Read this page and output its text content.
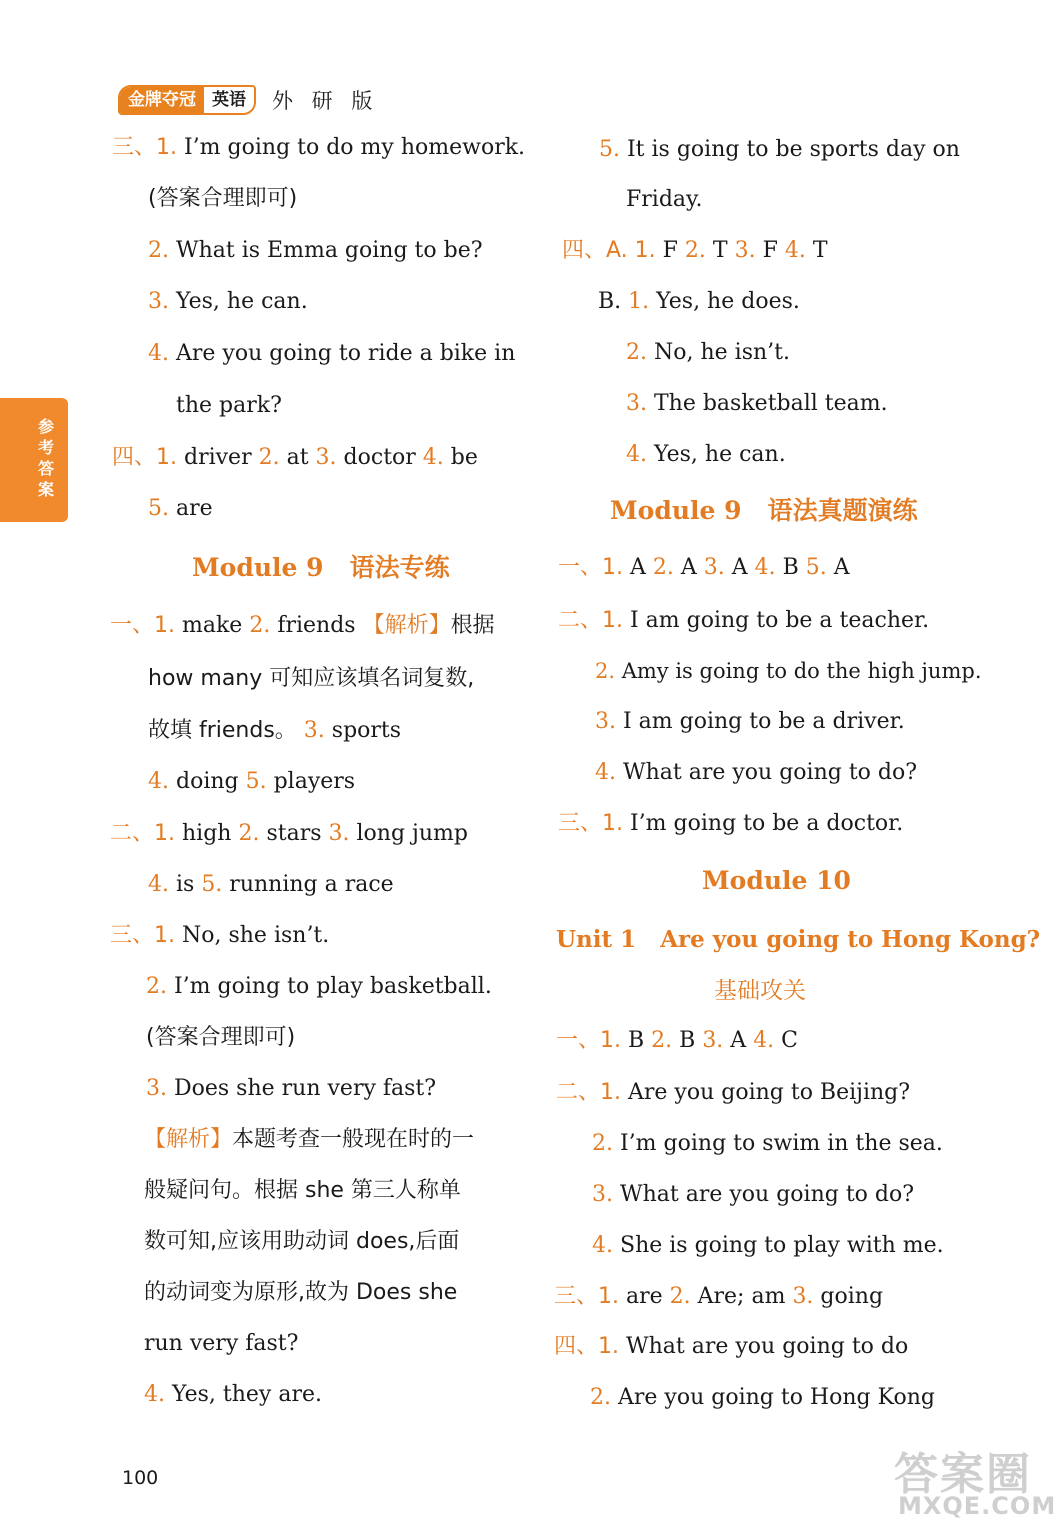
金牌夺冠 英语	外 研 版
参考答案
三、1. I’m going to do my homework.
(答案合理即可)
2. What is Emma going to be?
3. Yes, he can.
4. Are you going to ride a bike in
the park?
四、1. driver 2. at 3. doctor 4. be
5. are
Module 9 语法专练
一、1. make 2. friends 【解析】根据
how many 可知应该填名词复数,
故填 friends。 3. sports
4. doing 5. players
二、1. high 2. stars 3. long jump
4. is 5. running a race
三、1. No, she isn’t.
2. I’m going to play basketball.
(答案合理即可)
3. Does she run very fast?
【解析】本题考查一般现在时的一
般疑问句。根据 she 第三人称单
数可知,应该用助动词 does,后面
的动词变为原形,故为 Does she
run very fast?
4. Yes, they are.
5. It is going to be sports day on
Friday.
四、A. 1. F 2. T 3. F 4. T
B. 1. Yes, he does.
2. No, he isn’t.
3. The basketball team.
4. Yes, he can.
Module 9 语法真题演练
一、1. A 2. A 3. A 4. B 5. A
二、1. I am going to be a teacher.
2. Amy is going to do the high jump.
3. I am going to be a driver.
4. What are you going to do?
三、1. I’m going to be a doctor.
Module 10
Unit 1 Are you going to Hong Kong?
基础攻关
一、1. B 2. B 3. A 4. C
二、1. Are you going to Beijing?
2. I’m going to swim in the sea.
3. What are you going to do?
4. She is going to play with me.
三、1. are 2. Are; am 3. going
四、1. What are you going to do
2. Are you going to Hong Kong
100	答案圈
MXQE.COM
